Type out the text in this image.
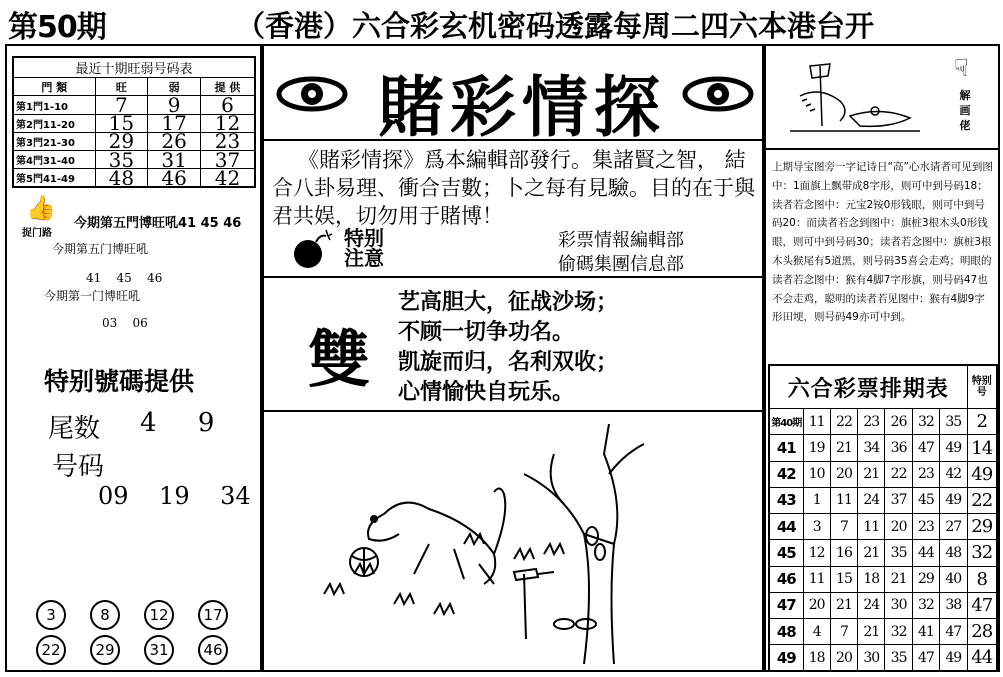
第50期	（香港）六合彩玄机密码透露每周二四六本港台开
最近十期旺弱号码表			
門 類	旺	弱	提 供
第1門1-10	7	9	6
第2門11-20	15	17	12
第3門21-30	29	26	23
第4門31-40	35	31	37
第5門41-49	48	46	42
👍
捉门路
今期第五門博旺吼41 45 46
今期第五门博旺吼
41    45    46
今期第一门博旺吼
03    06
特别號碼提供
尾数 4     9
号码
09    19    34
3	8	12	17
22	29	31	46
賭彩情探
《賭彩情探》爲本編輯部發行。集諸賢之智， 結合八卦易理、衝合吉數；卜之每有見驗。目的在于與君共娱，切勿用于賭博！
特别
注意
彩票情報編輯部
偷碼集團信息部
雙
艺高胆大，征战沙场；
不顾一切争功名。
凯旋而归，名利双收；
心情愉快自玩乐。
☟
解 画 佬
上期导宝图旁一字记诗日“高”心水请者可见到图中：1面旗上飘带成8字形，则可中到号码18；读者若念图中：元宝2铵0形钱眼，则可中到号码20：而读者若念到图中：旗桩3根木头0形钱眼，则可中到号码30；读者若念图中：旗桩3根木头猴尾有5道黑，则号码35喜会走鸡；明眼的读者若念图中：猴有4脚7字形旗，则号码47也不会走鸡，聪明的读者若见图中：猴有4脚9字形田埂，则号码49亦可中到。
六合彩票排期表							特别号
第40期	11	22	23	26	32	35	2
41	19	21	34	36	47	49	14
42	10	20	21	22	23	42	49
43	1	11	24	37	45	49	22
44	3	7	11	20	23	27	29
45	12	16	21	35	44	48	32
46	11	15	18	21	29	40	8
47	20	21	24	30	32	38	47
48	4	7	21	32	41	47	28
49	18	20	30	35	47	49	44
